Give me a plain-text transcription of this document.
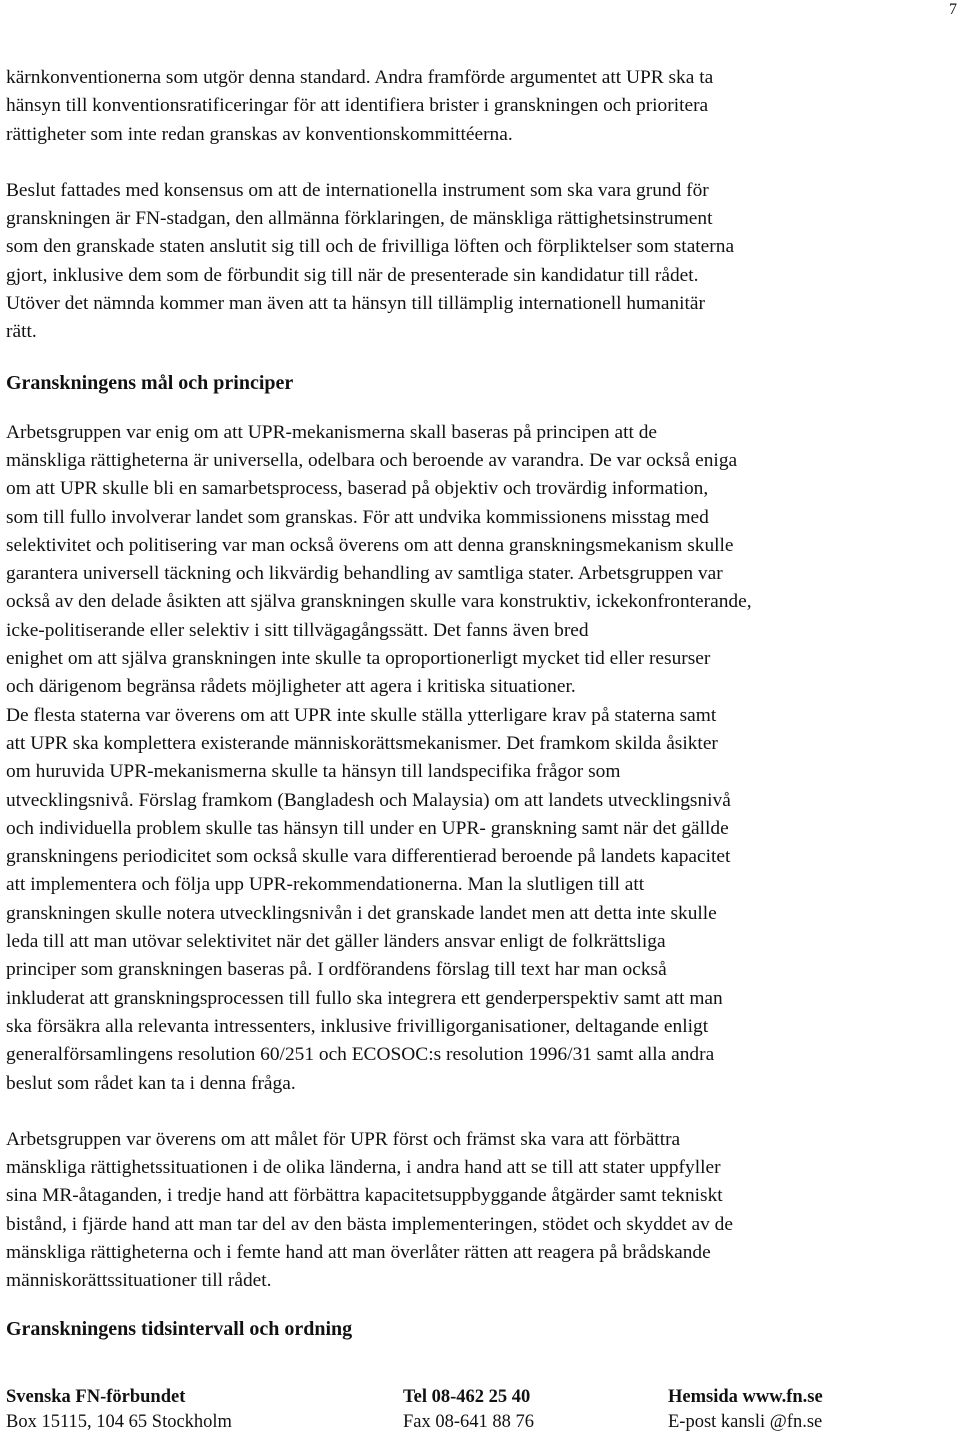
7

kärnkonventionerna som utgör denna standard. Andra framförde argumentet att UPR ska ta
hänsyn till konventionsratificeringar för att identifiera brister i granskningen och prioritera
rättigheter som inte redan granskas av konventionskommittéerna.

Beslut fattades med konsensus om att de internationella instrument som ska vara grund för
granskningen är FN-stadgan, den allmänna förklaringen, de mänskliga rättighetsinstrument
som den granskade staten anslutit sig till och de frivilliga löften och förpliktelser som staterna
gjort, inklusive dem som de förbundit sig till när de presenterade sin kandidatur till rådet.
Utöver det nämnda kommer man även att ta hänsyn till tillämplig internationell humanitär
rätt.

Granskningens mål och principer

Arbetsgruppen var enig om att UPR-mekanismerna skall baseras på principen att de
mänskliga rättigheterna är universella, odelbara och beroende av varandra. De var också eniga
om att UPR skulle bli en samarbetsprocess, baserad på objektiv och trovärdig information,
som till fullo involverar landet som granskas. För att undvika kommissionens misstag med
selektivitet och politisering var man också överens om att denna granskningsmekanism skulle
garantera universell täckning och likvärdig behandling av samtliga stater. Arbetsgruppen var
också av den delade åsikten att själva granskningen skulle vara konstruktiv, ickekonfronterande,
icke-politiserande eller selektiv i sitt tillvägagångssätt. Det fanns även bred
enighet om att själva granskningen inte skulle ta oproportionerligt mycket tid eller resurser
och därigenom begränsa rådets möjligheter att agera i kritiska situationer.
De flesta staterna var överens om att UPR inte skulle ställa ytterligare krav på staterna samt
att UPR ska komplettera existerande människorättsmekanismer. Det framkom skilda åsikter
om huruvida UPR-mekanismerna skulle ta hänsyn till landspecifika frågor som
utvecklingsnivå. Förslag framkom (Bangladesh och Malaysia) om att landets utvecklingsnivå
och individuella problem skulle tas hänsyn till under en UPR- granskning samt när det gällde
granskningens periodicitet som också skulle vara differentierad beroende på landets kapacitet
att implementera och följa upp UPR-rekommendationerna. Man la slutligen till att
granskningen skulle notera utvecklingsnivån i det granskade landet men att detta inte skulle
leda till att man utövar selektivitet när det gäller länders ansvar enligt de folkrättsliga
principer som granskningen baseras på. I ordförandens förslag till text har man också
inkluderat att granskningsprocessen till fullo ska integrera ett genderperspektiv samt att man
ska försäkra alla relevanta intressenters, inklusive frivilligorganisationer, deltagande enligt
generalförsamlingens resolution 60/251 och ECOSOC:s resolution 1996/31 samt alla andra
beslut som rådet kan ta i denna fråga.

Arbetsgruppen var överens om att målet för UPR först och främst ska vara att förbättra
mänskliga rättighetssituationen i de olika länderna, i andra hand att se till att stater uppfyller
sina MR-åtaganden, i tredje hand att förbättra kapacitetsuppbyggande åtgärder samt tekniskt
bistånd, i fjärde hand att man tar del av den bästa implementeringen, stödet och skyddet av de
mänskliga rättigheterna och i femte hand att man överlåter rätten att reagera på brådskande
människorättssituationer till rådet.

Granskningens tidsintervall och ordning
Svenska FN-förbundet	Tel 08-462 25 40	Hemsida www.fn.se
Box 15115, 104 65 Stockholm	Fax 08-641 88 76	E-post kansli @fn.se
